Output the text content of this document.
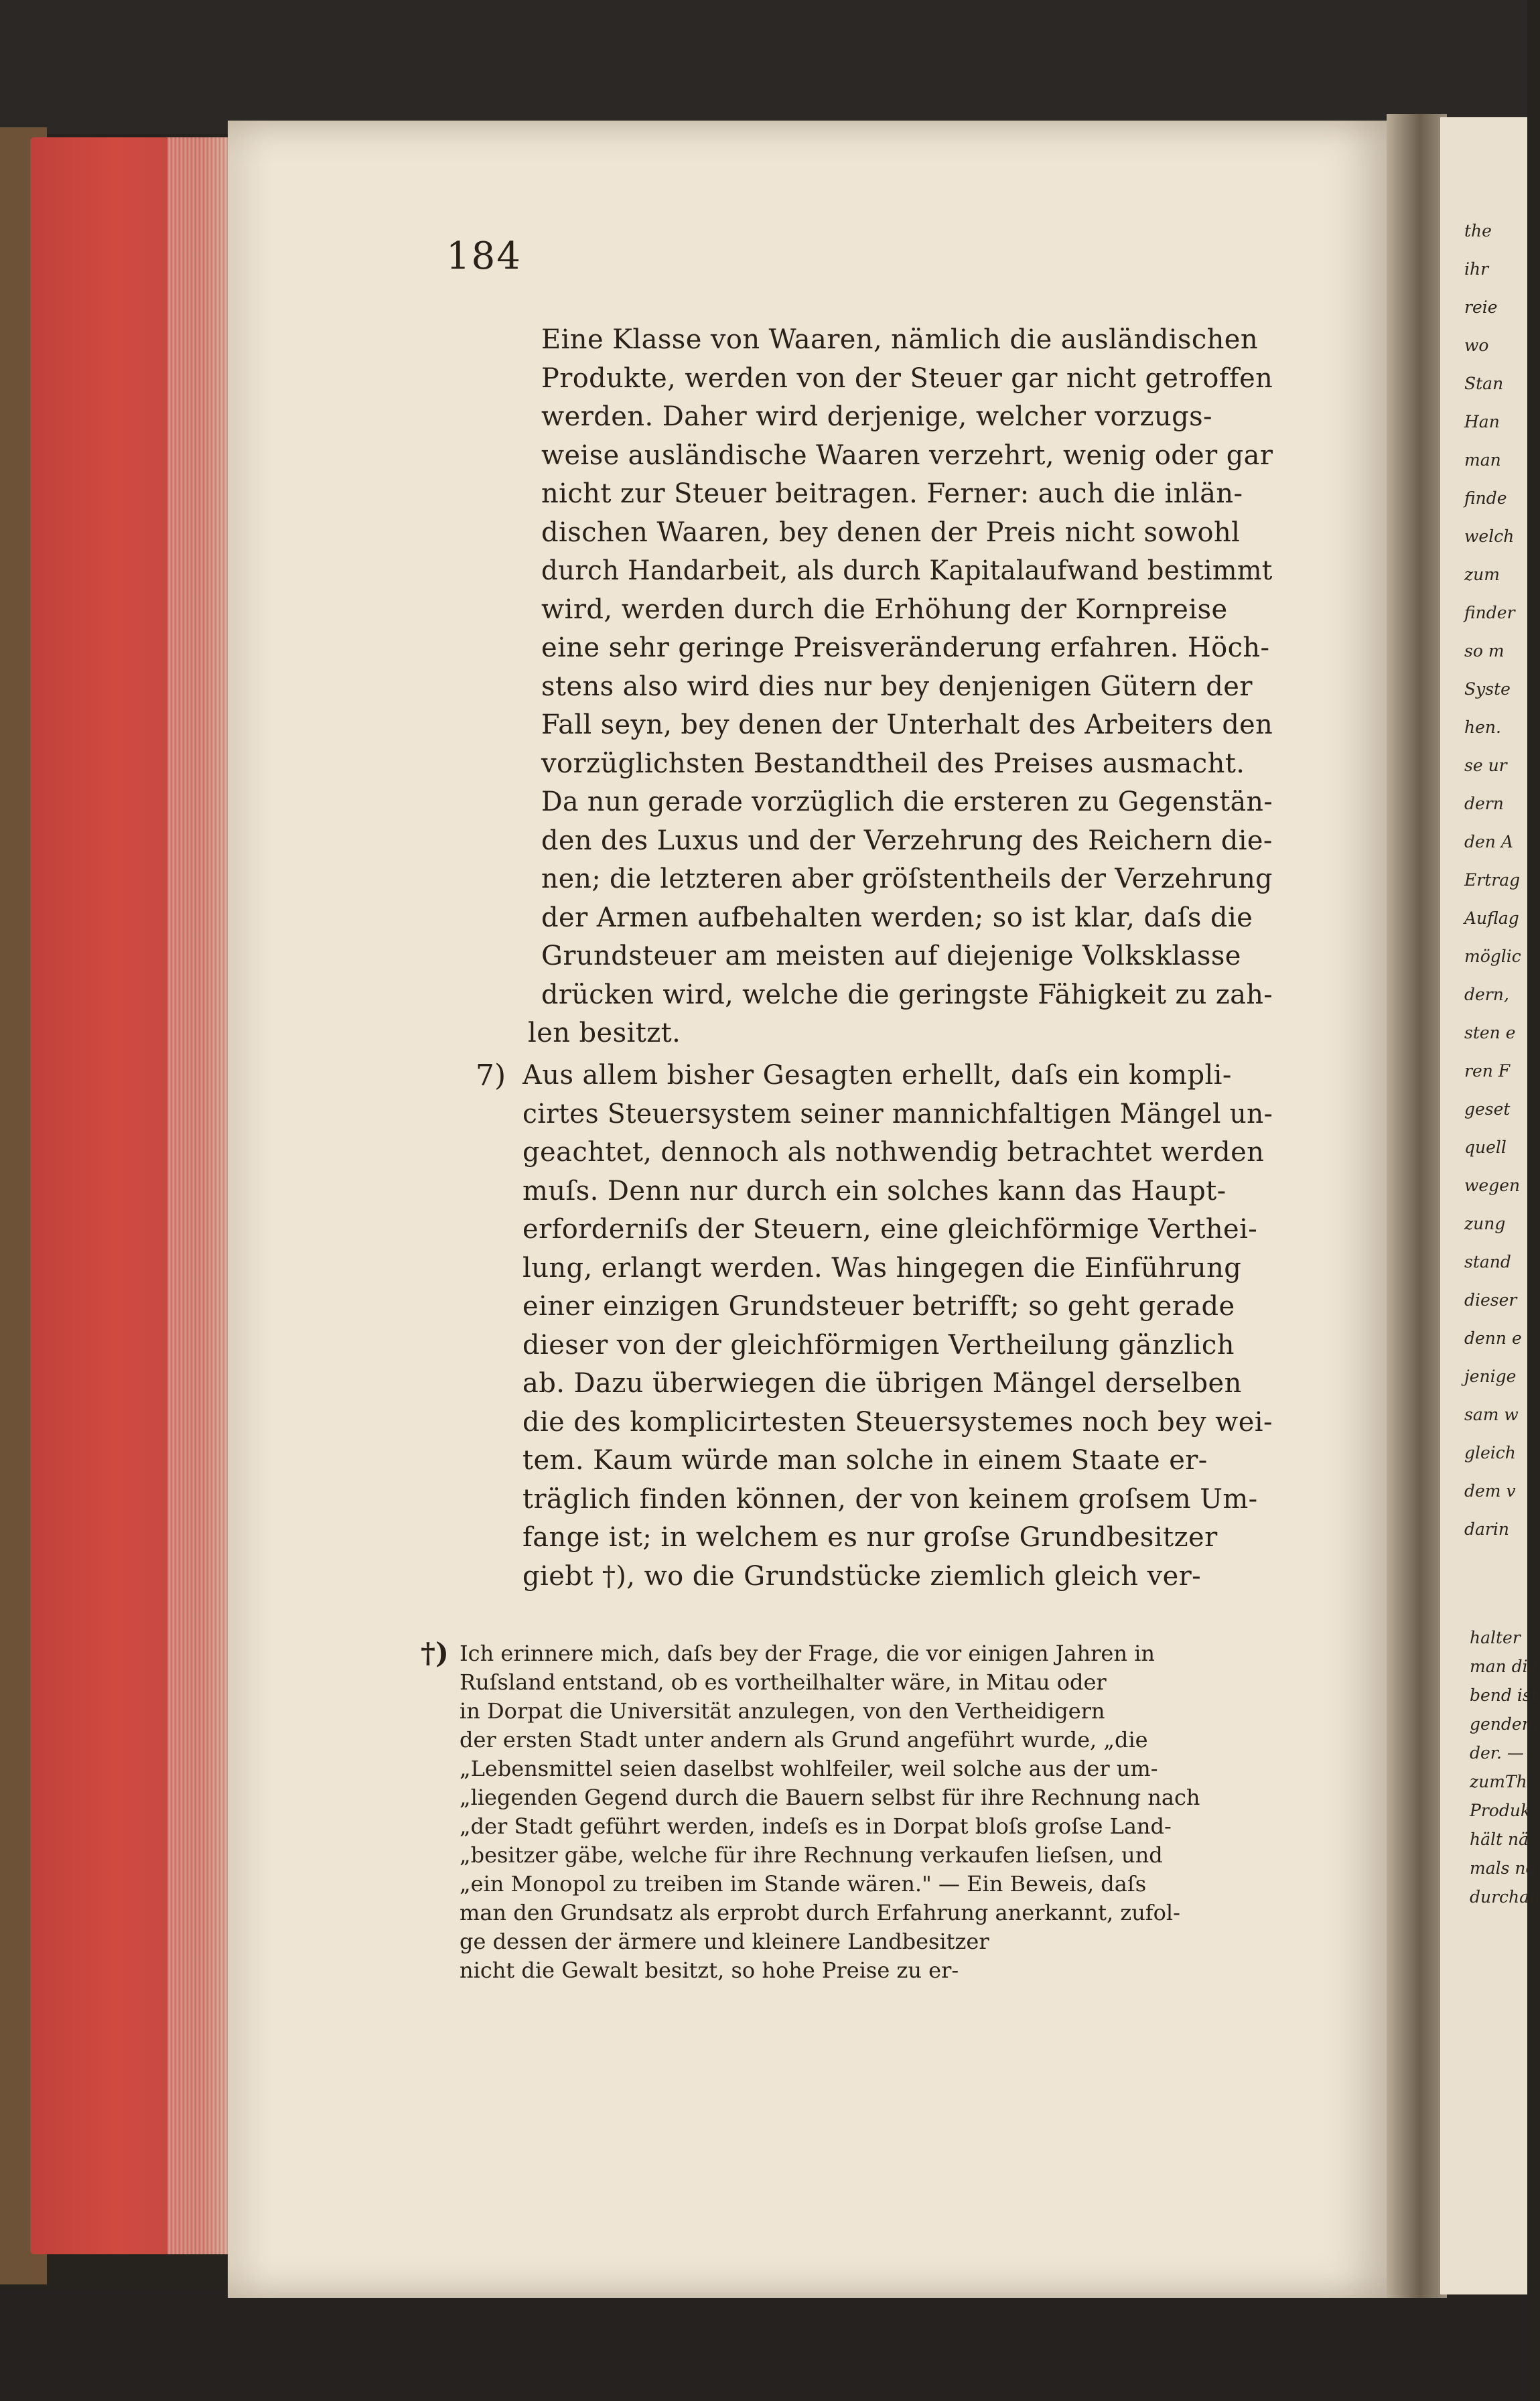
the
ihr
reie
wo
Stan
Han
man
finde
welch
zum
finder
so m
Syste
hen.
se ur
dern
den A
Ertrag
Auflag
möglic
dern,
sten e
ren F
geset
quell
wegen
zung
stand
dieser
denn e
jenige
sam w
gleich
dem v
darin
halter
man die
bend ist
genden,
der. —
zumTh
Produk
hält nä
mals no
durchau
184
Eine Klasse von Waaren, nämlich die ausländischen
Produkte, werden von der Steuer gar nicht getroffen
werden. Daher wird derjenige, welcher vorzugs-
weise ausländische Waaren verzehrt, wenig oder gar
nicht zur Steuer beitragen. Ferner: auch die inlän-
dischen Waaren, bey denen der Preis nicht sowohl
durch Handarbeit, als durch Kapitalaufwand bestimmt
wird, werden durch die Erhöhung der Kornpreise
eine sehr geringe Preisveränderung erfahren. Höch-
stens also wird dies nur bey denjenigen Gütern der
Fall seyn, bey denen der Unterhalt des Arbeiters den
vorzüglichsten Bestandtheil des Preises ausmacht.
Da nun gerade vorzüglich die ersteren zu Gegenstän-
den des Luxus und der Verzehrung des Reichern die-
nen; die letzteren aber gröſstentheils der Verzehrung
der Armen aufbehalten werden; so ist klar, daſs die
Grundsteuer am meisten auf diejenige Volksklasse
drücken wird, welche die geringste Fähigkeit zu zah-
len besitzt.
7) Aus allem bisher Gesagten erhellt, daſs ein kompli-
cirtes Steuersystem seiner mannichfaltigen Mängel un-
geachtet, dennoch als nothwendig betrachtet werden
muſs. Denn nur durch ein solches kann das Haupt-
erforderniſs der Steuern, eine gleichförmige Verthei-
lung, erlangt werden. Was hingegen die Einführung
einer einzigen Grundsteuer betrifft; so geht gerade
dieser von der gleichförmigen Vertheilung gänzlich
ab. Dazu überwiegen die übrigen Mängel derselben
die des komplicirtesten Steuersystemes noch bey wei-
tem. Kaum würde man solche in einem Staate er-
träglich finden können, der von keinem groſsem Um-
fange ist; in welchem es nur groſse Grundbesitzer
giebt †), wo die Grundstücke ziemlich gleich ver-
†) Ich erinnere mich, daſs bey der Frage, die vor einigen Jahren in
Ruſsland entstand, ob es vortheilhalter wäre, in Mitau oder
in Dorpat die Universität anzulegen, von den Vertheidigern
der ersten Stadt unter andern als Grund angeführt wurde, „die
„Lebensmittel seien daselbst wohlfeiler, weil solche aus der um-
„liegenden Gegend durch die Bauern selbst für ihre Rechnung nach
„der Stadt geführt werden, indeſs es in Dorpat bloſs groſse Land-
„besitzer gäbe, welche für ihre Rechnung verkaufen lieſsen, und
„ein Monopol zu treiben im Stande wären." — Ein Beweis, daſs
man den Grundsatz als erprobt durch Erfahrung anerkannt, zufol-
ge dessen der ärmere und kleinere Landbesitzer
nicht die Gewalt besitzt, so hohe Preise zu er-
